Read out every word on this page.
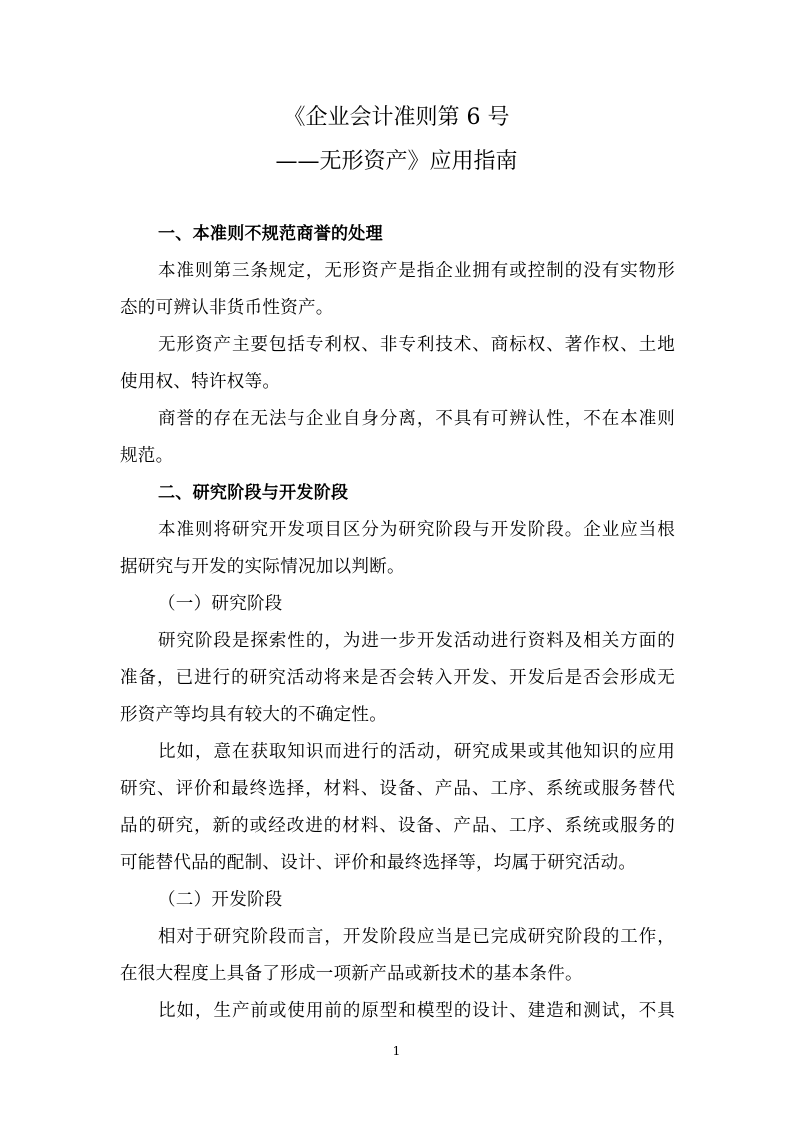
《企业会计准则第 6 号
——无形资产》应用指南
一、本准则不规范商誉的处理
本准则第三条规定，无形资产是指企业拥有或控制的没有实物形
态的可辨认非货币性资产。
无形资产主要包括专利权、非专利技术、商标权、著作权、土地
使用权、特许权等。
商誉的存在无法与企业自身分离，不具有可辨认性，不在本准则
规范。
二、研究阶段与开发阶段
本准则将研究开发项目区分为研究阶段与开发阶段。企业应当根
据研究与开发的实际情况加以判断。
（一）研究阶段
研究阶段是探索性的，为进一步开发活动进行资料及相关方面的
准备，已进行的研究活动将来是否会转入开发、开发后是否会形成无
形资产等均具有较大的不确定性。
比如，意在获取知识而进行的活动，研究成果或其他知识的应用
研究、评价和最终选择，材料、设备、产品、工序、系统或服务替代
品的研究，新的或经改进的材料、设备、产品、工序、系统或服务的
可能替代品的配制、设计、评价和最终选择等，均属于研究活动。
（二）开发阶段
相对于研究阶段而言，开发阶段应当是已完成研究阶段的工作，
在很大程度上具备了形成一项新产品或新技术的基本条件。
比如，生产前或使用前的原型和模型的设计、建造和测试，不具
1
